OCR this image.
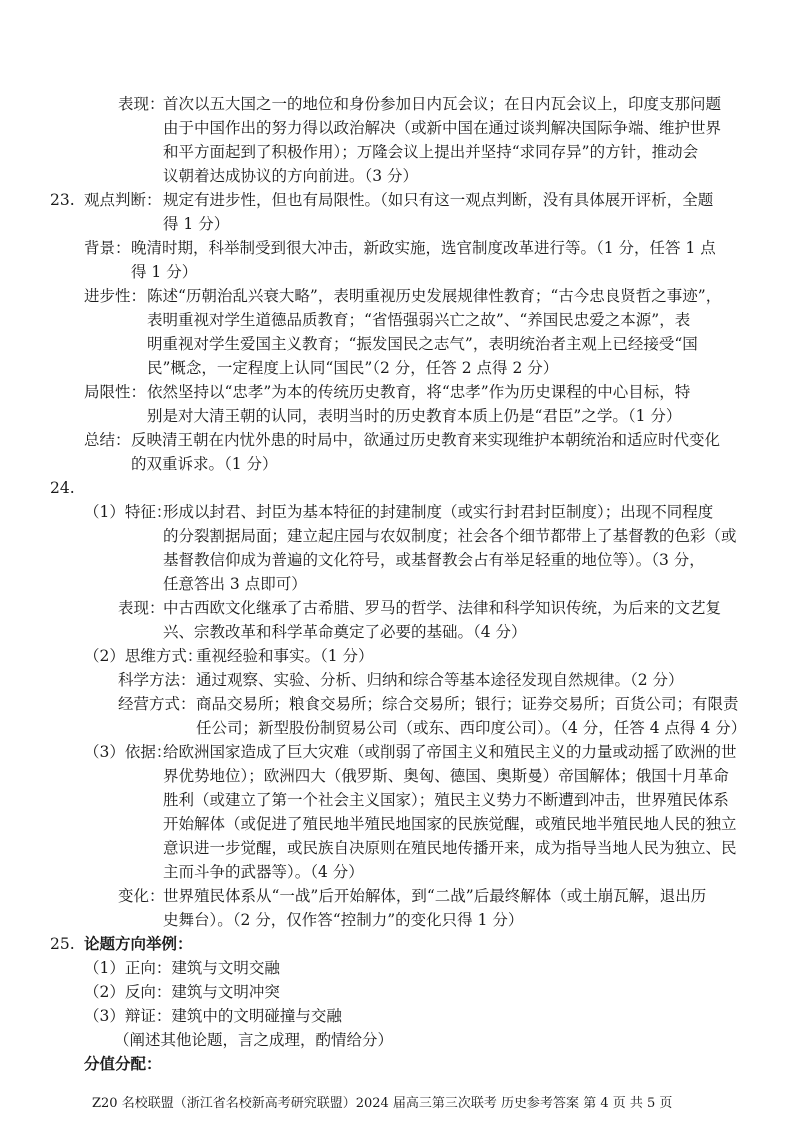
表现：
首次以五大国之一的地位和身份参加日内瓦会议；在日内瓦会议上，印度支那问题
由于中国作出的努力得以政治解决（或新中国在通过谈判解决国际争端、维护世界
和平方面起到了积极作用）；万隆会议上提出并坚持“求同存异”的方针，推动会
议朝着达成协议的方向前进。（3 分）
23. 观点判断： 规定有进步性，但也有局限性。（如只有这一观点判断，没有具体展开评析，全题
得 1 分）
背景： 晚清时期，科举制受到很大冲击，新政实施，选官制度改革进行等。（1 分，任答 1 点
得 1 分）
进步性： 陈述“历朝治乱兴衰大略”，表明重视历史发展规律性教育；“古今忠良贤哲之事迹”，
表明重视对学生道德品质教育；“省悟强弱兴亡之故”、“养国民忠爱之本源”，表
明重视对学生爱国主义教育；“振发国民之志气”，表明统治者主观上已经接受“国
民”概念，一定程度上认同“国民”（2 分，任答 2 点得 2 分）
局限性： 依然坚持以“忠孝”为本的传统历史教育，将“忠孝”作为历史课程的中心目标，特
别是对大清王朝的认同，表明当时的历史教育本质上仍是“君臣”之学。（1 分）
总结： 反映清王朝在内忧外患的时局中，欲通过历史教育来实现维护本朝统治和适应时代变化
的双重诉求。（1 分）
24.
（1）特征：
形成以封君、封臣为基本特征的封建制度（或实行封君封臣制度）；出现不同程度
的分裂割据局面；建立起庄园与农奴制度；社会各个细节都带上了基督教的色彩（或
基督教信仰成为普遍的文化符号，或基督教会占有举足轻重的地位等）。（3 分，
任意答出 3 点即可）
表现：
中古西欧文化继承了古希腊、罗马的哲学、法律和科学知识传统，为后来的文艺复
兴、宗教改革和科学革命奠定了必要的基础。（4 分）
（2）思维方式：
重视经验和事实。（1 分）
科学方法： 通过观察、实验、分析、归纳和综合等基本途径发现自然规律。（2 分）
经营方式： 商品交易所；粮食交易所；综合交易所；银行；证券交易所；百货公司；有限责
任公司；新型股份制贸易公司（或东、西印度公司）。（4 分，任答 4 点得 4 分）
（3）依据：
给欧洲国家造成了巨大灾难（或削弱了帝国主义和殖民主义的力量或动摇了欧洲的世
界优势地位）；欧洲四大（俄罗斯、奥匈、德国、奥斯曼）帝国解体；俄国十月革命
胜利（或建立了第一个社会主义国家）；殖民主义势力不断遭到冲击，世界殖民体系
开始解体（或促进了殖民地半殖民地国家的民族觉醒，或殖民地半殖民地人民的独立
意识进一步觉醒，或民族自决原则在殖民地传播开来，成为指导当地人民为独立、民
主而斗争的武器等）。（4 分）
变化：
世界殖民体系从“一战”后开始解体，到“二战”后最终解体（或土崩瓦解，退出历
史舞台）。（2 分，仅作答“控制力”的变化只得 1 分）
25. 论题方向举例：
（1）正向：建筑与文明交融
（2）反向：建筑与文明冲突
（3）辩证：建筑中的文明碰撞与交融
（阐述其他论题，言之成理，酌情给分）
分值分配：
Z20 名校联盟（浙江省名校新高考研究联盟）2024 届高三第三次联考 历史参考答案 第 4 页 共 5 页
